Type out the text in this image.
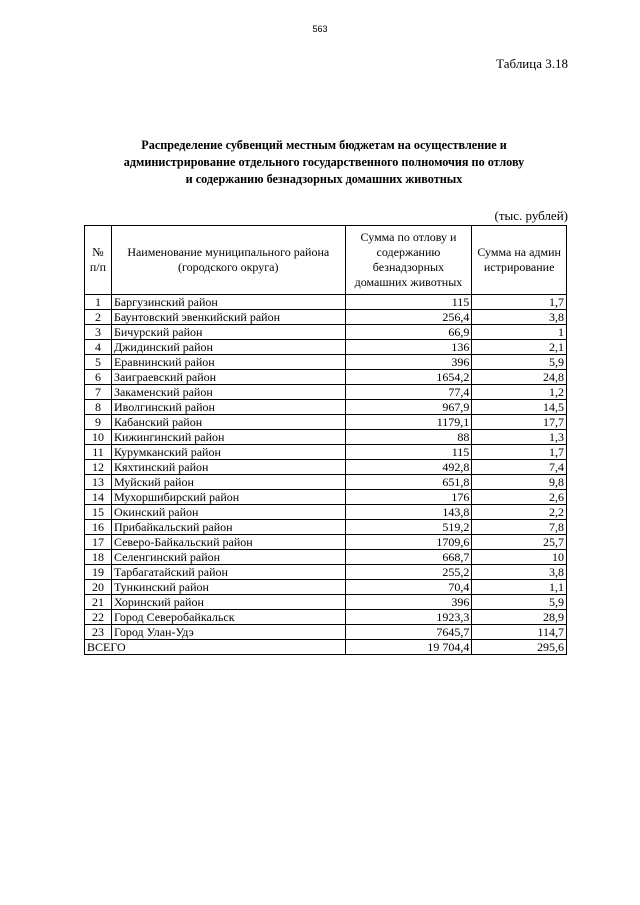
563
Таблица 3.18
Распределение субвенций местным бюджетам на осуществление и
администрирование отдельного государственного полномочия по отлову
и содержанию безнадзорных домашних животных
(тыс. рублей)
№ п/п	Наименование муниципального района (городского округа)	Сумма по отлову и содержанию безнадзорных домашних животных	Сумма на администрирование
1	Баргузинский район	115	1,7
2	Баунтовский эвенкийский район	256,4	3,8
3	Бичурский район	66,9	1
4	Джидинский район	136	2,1
5	Еравнинский район	396	5,9
6	Заиграевский район	1654,2	24,8
7	Закаменский район	77,4	1,2
8	Иволгинский район	967,9	14,5
9	Кабанский район	1179,1	17,7
10	Кижингинский район	88	1,3
11	Курумканский район	115	1,7
12	Кяхтинский район	492,8	7,4
13	Муйский район	651,8	9,8
14	Мухоршибирский район	176	2,6
15	Окинский район	143,8	2,2
16	Прибайкальский район	519,2	7,8
17	Северо-Байкальский район	1709,6	25,7
18	Селенгинский район	668,7	10
19	Тарбагатайский район	255,2	3,8
20	Тункинский район	70,4	1,1
21	Хоринский район	396	5,9
22	Город Северобайкальск	1923,3	28,9
23	Город Улан-Удэ	7645,7	114,7
ВСЕГО		19 704,4	295,6
